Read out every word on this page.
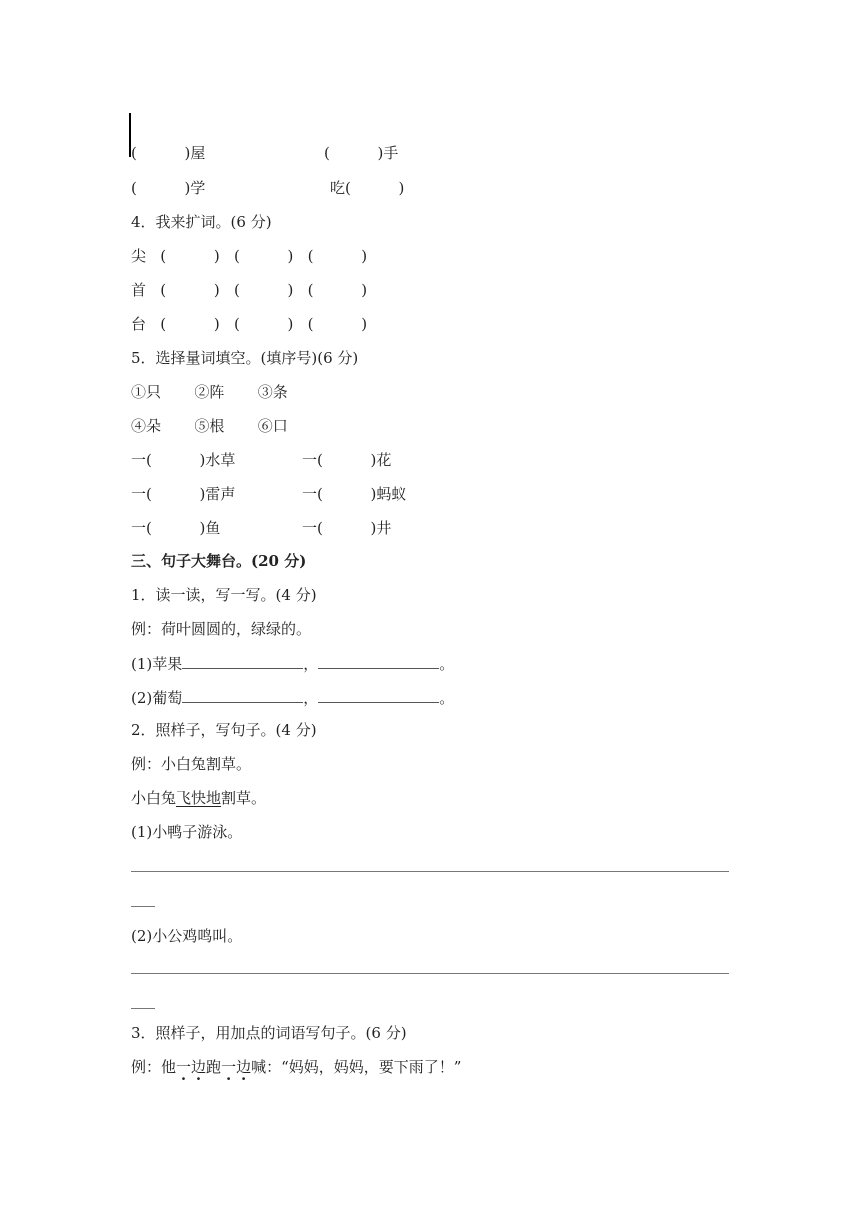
(          )屋	(          )手
(          )学	吃(          )
4．我来扩词。(6 分)
尖   (          )   (          )   (          )
首   (          )   (          )   (          )
台   (          )   (          )   (          )
5．选择量词填空。(填序号)(6 分)
①只       ②阵       ③条
④朵       ⑤根       ⑥口
一(          )水草	一(          )花
一(          )雷声	一(          )蚂蚁
一(          )鱼	一(          )井
三、句子大舞台。(20 分)
1．读一读，写一写。(4 分)
例：荷叶圆圆的，绿绿的。
(1)苹果	，	。
(2)葡萄	，	。
2．照样子，写句子。(4 分)
例：小白兔割草。
小白兔飞快地割草。
(1)小鸭子游泳。
(2)小公鸡鸣叫。
3．照样子，用加点的词语写句子。(6 分)
例：他一边跑一边喊：“妈妈，妈妈，要下雨了！”
